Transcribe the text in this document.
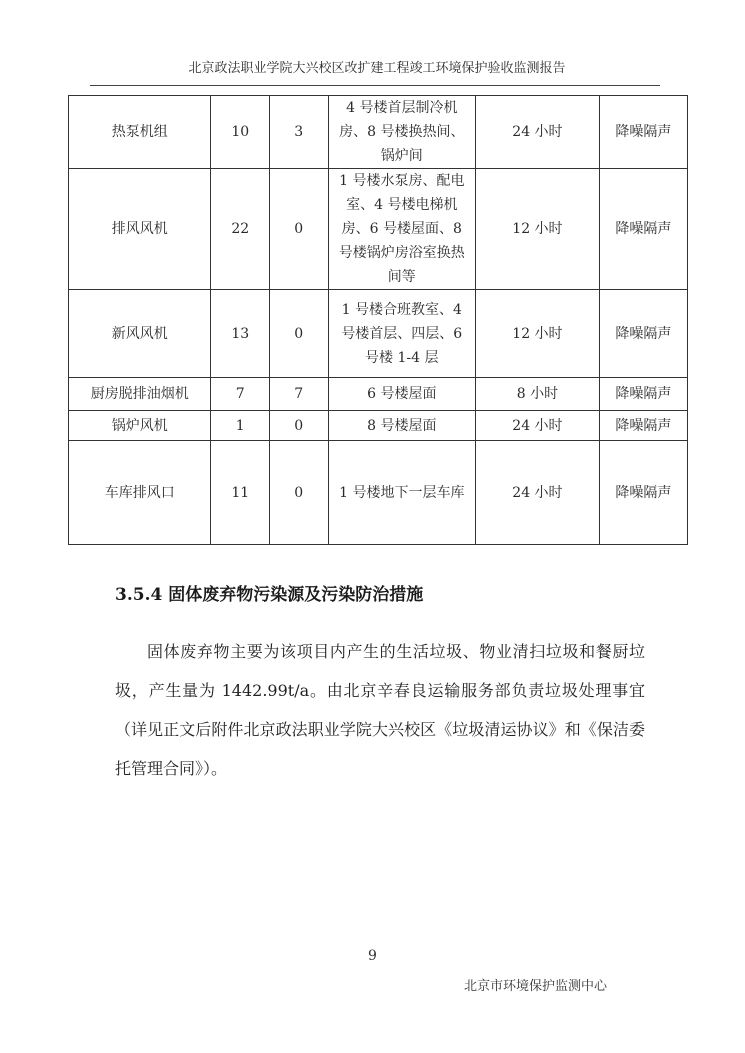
北京政法职业学院大兴校区改扩建工程竣工环境保护验收监测报告
热泵机组	10	3	4 号楼首层制冷机房、8 号楼换热间、锅炉间	24 小时	降噪隔声
排风风机	22	0	1 号楼水泵房、配电室、4 号楼电梯机房、6 号楼屋面、8 号楼锅炉房浴室换热间等	12 小时	降噪隔声
新风风机	13	0	1 号楼合班教室、4 号楼首层、四层、6 号楼 1-4 层	12 小时	降噪隔声
厨房脱排油烟机	7	7	6 号楼屋面	8 小时	降噪隔声
锅炉风机	1	0	8 号楼屋面	24 小时	降噪隔声
车库排风口	11	0	1 号楼地下一层车库	24 小时	降噪隔声
3.5.4 固体废弃物污染源及污染防治措施
固体废弃物主要为该项目内产生的生活垃圾、物业清扫垃圾和餐厨垃圾，产生量为 1442.99t/a。由北京辛春良运输服务部负责垃圾处理事宜（详见正文后附件北京政法职业学院大兴校区《垃圾清运协议》和《保洁委托管理合同》）。
9
北京市环境保护监测中心
